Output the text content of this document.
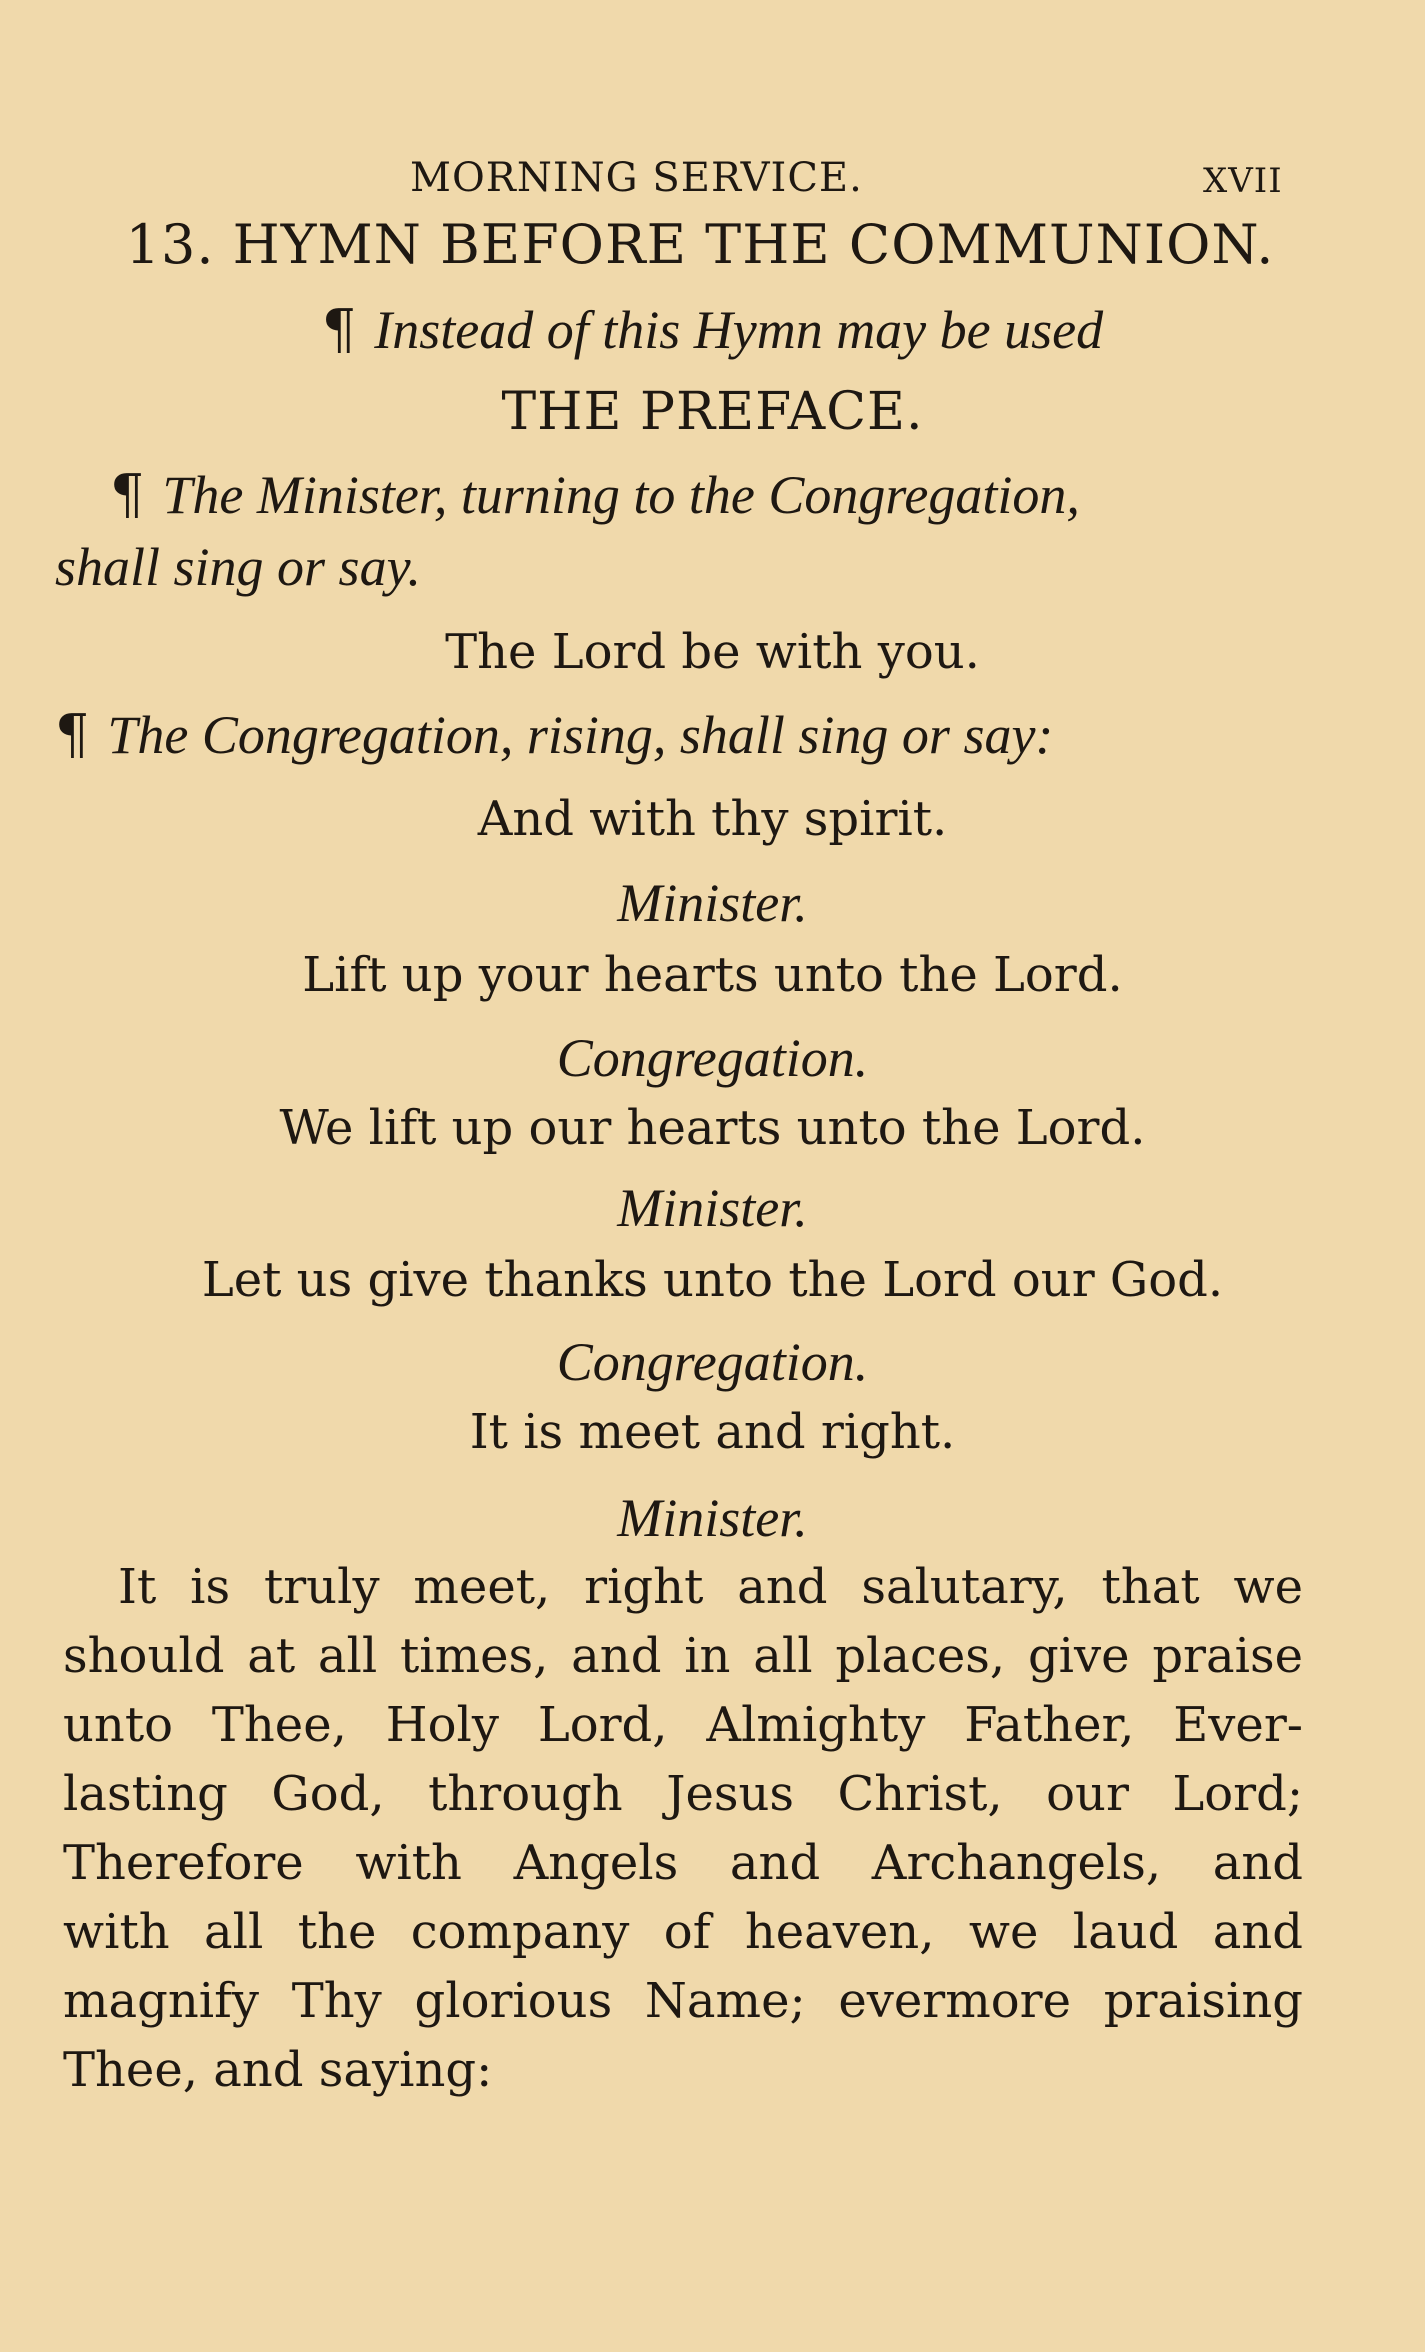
MORNING SERVICE.	XVII
13. HYMN BEFORE THE COMMUNION.
¶ Instead of this Hymn may be used
THE PREFACE.
¶ The Minister, turning to the Congregation,
shall sing or say.
The Lord be with you.
¶ The Congregation, rising, shall sing or say:
And with thy spirit.
Minister.
Lift up your hearts unto the Lord.
Congregation.
We lift up our hearts unto the Lord.
Minister.
Let us give thanks unto the Lord our God.
Congregation.
It is meet and right.
Minister.
It is truly meet, right and salutary, that we
should at all times, and in all places, give praise
unto Thee, Holy Lord, Almighty Father, Ever-
lasting God, through Jesus Christ, our Lord;
Therefore with Angels and Archangels, and
with all the company of heaven, we laud and
magnify Thy glorious Name; evermore praising
Thee, and saying:
